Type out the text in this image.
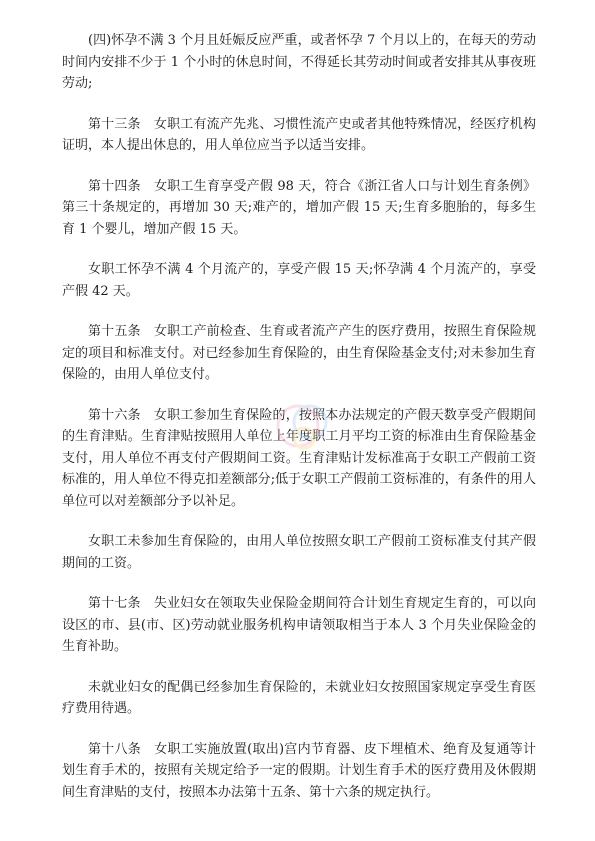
(四)怀孕不满 3 个月且妊娠反应严重，或者怀孕 7 个月以上的，在每天的劳动时间内安排不少于 1 个小时的休息时间，不得延长其劳动时间或者安排其从事夜班劳动;

第十三条　女职工有流产先兆、习惯性流产史或者其他特殊情况，经医疗机构证明，本人提出休息的，用人单位应当予以适当安排。

第十四条　女职工生育享受产假 98 天，符合《浙江省人口与计划生育条例》第三十条规定的，再增加 30 天;难产的，增加产假 15 天;生育多胞胎的，每多生育 1 个婴儿，增加产假 15 天。

女职工怀孕不满 4 个月流产的，享受产假 15 天;怀孕满 4 个月流产的，享受产假 42 天。

第十五条　女职工产前检查、生育或者流产产生的医疗费用，按照生育保险规定的项目和标准支付。对已经参加生育保险的，由生育保险基金支付;对未参加生育保险的，由用人单位支付。

第十六条　女职工参加生育保险的，按照本办法规定的产假天数享受产假期间的生育津贴。生育津贴按照用人单位上年度职工月平均工资的标准由生育保险基金支付，用人单位不再支付产假期间工资。生育津贴计发标准高于女职工产假前工资标准的，用人单位不得克扣差额部分;低于女职工产假前工资标准的，有条件的用人单位可以对差额部分予以补足。

女职工未参加生育保险的，由用人单位按照女职工产假前工资标准支付其产假期间的工资。

第十七条　失业妇女在领取失业保险金期间符合计划生育规定生育的，可以向设区的市、县(市、区)劳动就业服务机构申请领取相当于本人 3 个月失业保险金的生育补助。

未就业妇女的配偶已经参加生育保险的，未就业妇女按照国家规定享受生育医疗费用待遇。

第十八条　女职工实施放置(取出)宫内节育器、皮下埋植术、绝育及复通等计划生育手术的，按照有关规定给予一定的假期。计划生育手术的医疗费用及休假期间生育津贴的支付，按照本办法第十五条、第十六条的规定执行。
